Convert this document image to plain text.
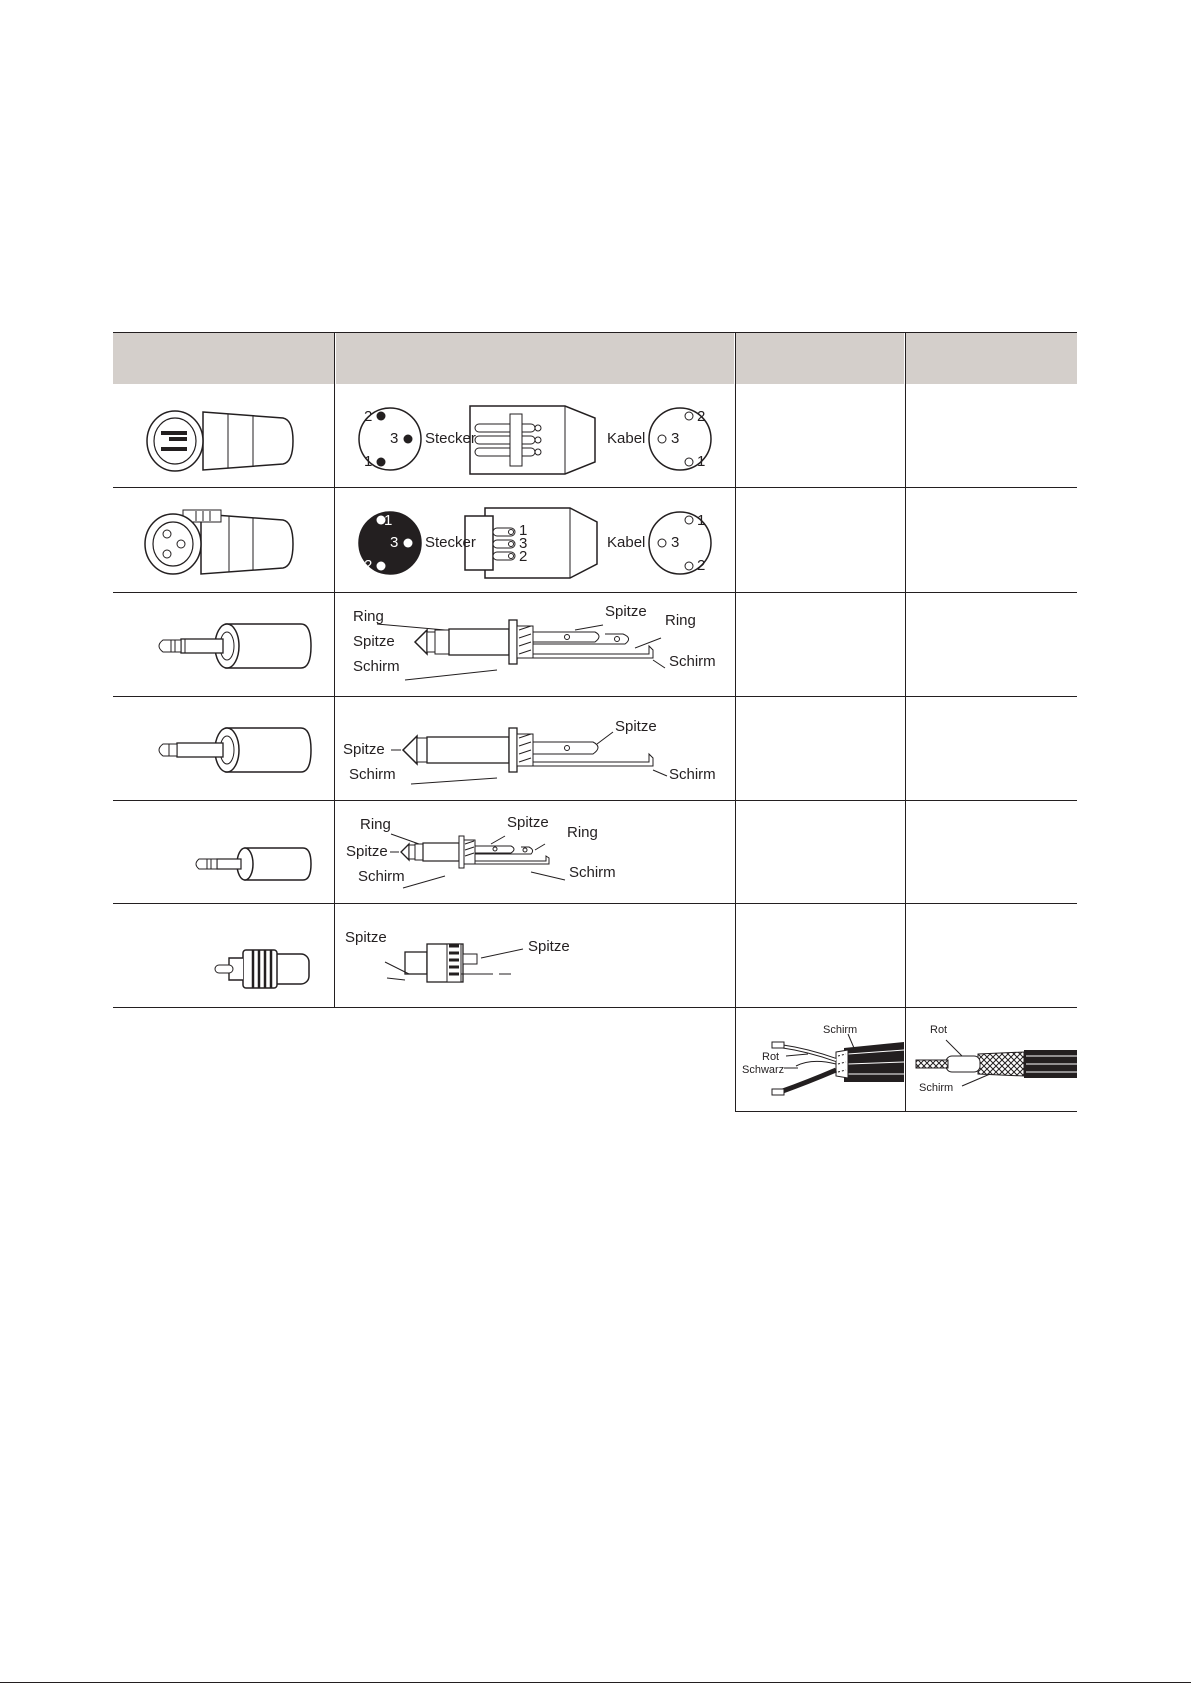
2
3
1
Stecker	Kabel
2
3
1
1
3
2
Stecker
1
3
2
Kabel
1
3
2
Ring
Spitze
Schirm
Spitze
Ring
Schirm
Spitze
Schirm
Spitze
Schirm
Ring
Spitze
Schirm
Spitze
Ring
Schirm
Spitze
Spitze
Schirm
Rot
Schwarz
Rot
Schirm
